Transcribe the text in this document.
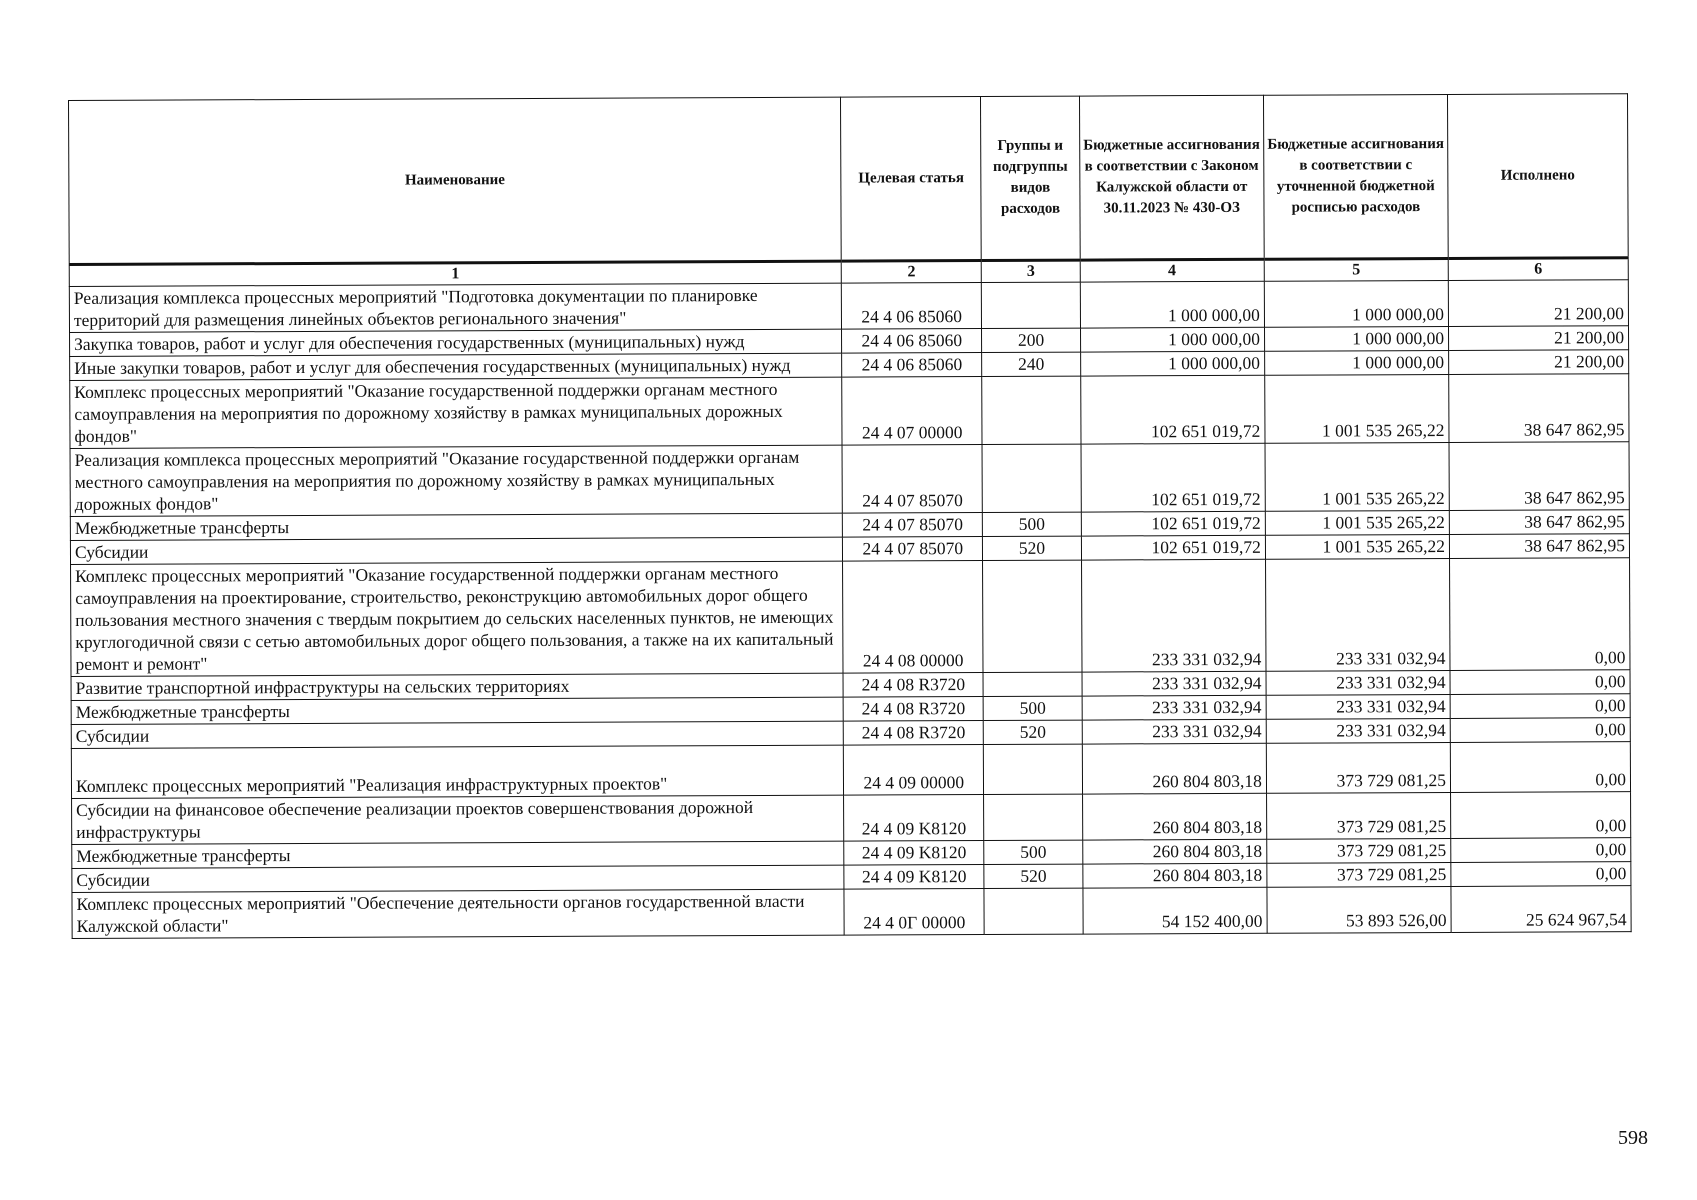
Наименование	Целевая статья	Группы и подгруппы видов расходов	Бюджетные ассигнования в соответствии с Законом Калужской области от 30.11.2023 № 430-ОЗ	Бюджетные ассигнования в соответствии с уточненной бюджетной росписью расходов	Исполнено
1	2	3	4	5	6
Реализация комплекса процессных мероприятий "Подготовка документации по планировке территорий для размещения линейных объектов регионального значения"	24 4 06 85060		1 000 000,00	1 000 000,00	21 200,00
Закупка товаров, работ и услуг для обеспечения государственных (муниципальных) нужд	24 4 06 85060	200	1 000 000,00	1 000 000,00	21 200,00
Иные закупки товаров, работ и услуг для обеспечения государственных (муниципальных) нужд	24 4 06 85060	240	1 000 000,00	1 000 000,00	21 200,00
Комплекс процессных мероприятий "Оказание государственной поддержки органам местного самоуправления на мероприятия по дорожному хозяйству в рамках муниципальных дорожных фондов"	24 4 07 00000		102 651 019,72	1 001 535 265,22	38 647 862,95
Реализация комплекса процессных мероприятий "Оказание государственной поддержки органам местного самоуправления на мероприятия по дорожному хозяйству в рамках муниципальных дорожных фондов"	24 4 07 85070		102 651 019,72	1 001 535 265,22	38 647 862,95
Межбюджетные трансферты	24 4 07 85070	500	102 651 019,72	1 001 535 265,22	38 647 862,95
Субсидии	24 4 07 85070	520	102 651 019,72	1 001 535 265,22	38 647 862,95
Комплекс процессных мероприятий "Оказание государственной поддержки органам местного самоуправления на проектирование, строительство, реконструкцию автомобильных дорог общего пользования местного значения с твердым покрытием до сельских населенных пунктов, не имеющих круглогодичной связи с сетью автомобильных дорог общего пользования, а также на их капитальный ремонт и ремонт"	24 4 08 00000		233 331 032,94	233 331 032,94	0,00
Развитие транспортной инфраструктуры на сельских территориях	24 4 08 R3720		233 331 032,94	233 331 032,94	0,00
Межбюджетные трансферты	24 4 08 R3720	500	233 331 032,94	233 331 032,94	0,00
Субсидии	24 4 08 R3720	520	233 331 032,94	233 331 032,94	0,00
Комплекс процессных мероприятий "Реализация инфраструктурных проектов"	24 4 09 00000		260 804 803,18	373 729 081,25	0,00
Субсидии на финансовое обеспечение реализации проектов совершенствования дорожной инфраструктуры	24 4 09 K8120		260 804 803,18	373 729 081,25	0,00
Межбюджетные трансферты	24 4 09 K8120	500	260 804 803,18	373 729 081,25	0,00
Субсидии	24 4 09 K8120	520	260 804 803,18	373 729 081,25	0,00
Комплекс процессных мероприятий "Обеспечение деятельности органов государственной власти Калужской области"	24 4 0Г 00000		54 152 400,00	53 893 526,00	25 624 967,54
598
